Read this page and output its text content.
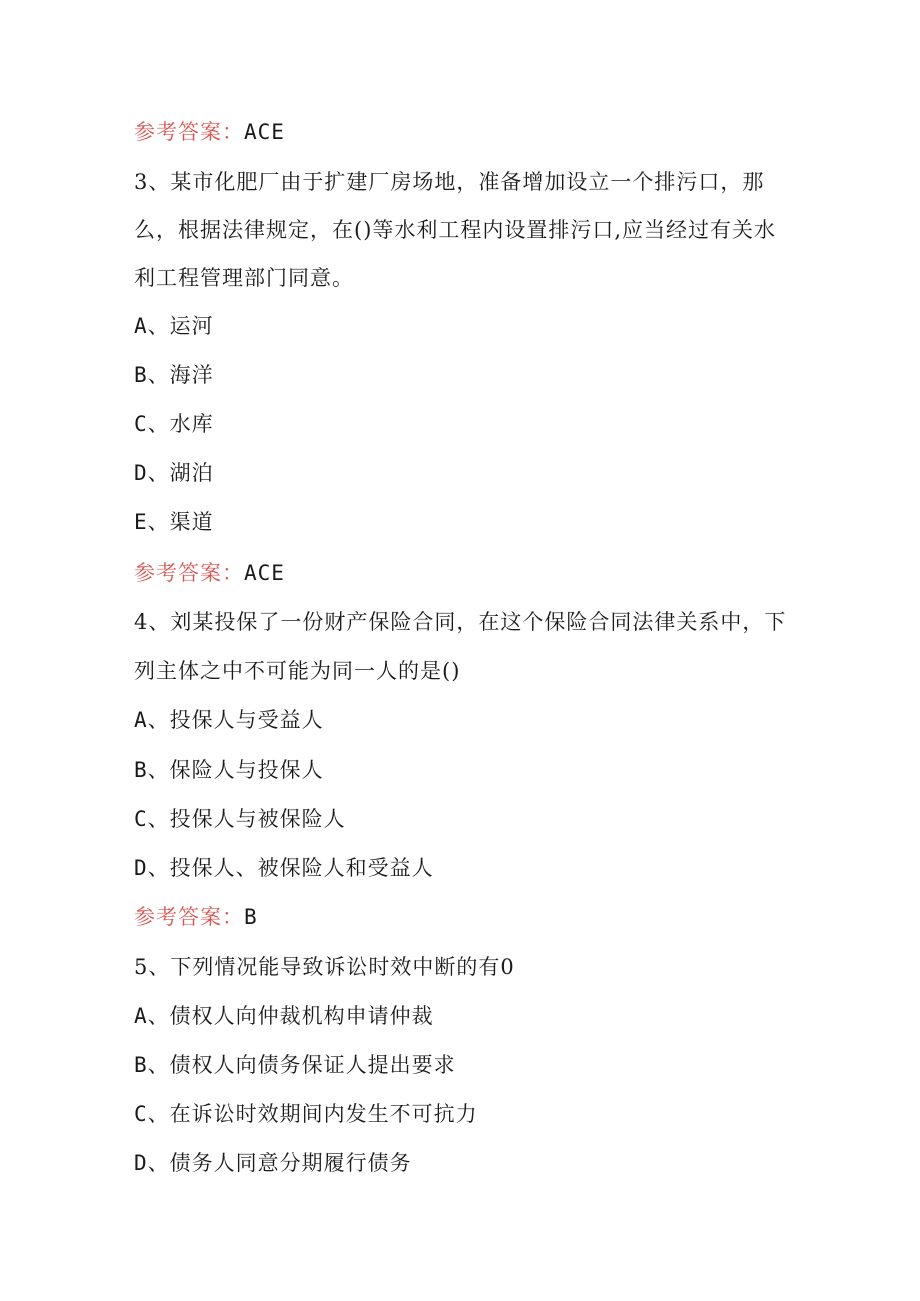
参考答案：ACE
3、某市化肥厂由于扩建厂房场地，准备增加设立一个排污口，那
么，根据法律规定，在()等水利工程内设置排污口,应当经过有关水
利工程管理部门同意。
A、运河
B、海洋
C、水库
D、湖泊
E、渠道
参考答案：ACE
4、刘某投保了一份财产保险合同，在这个保险合同法律关系中，下
列主体之中不可能为同一人的是()
A、投保人与受益人
B、保险人与投保人
C、投保人与被保险人
D、投保人、被保险人和受益人
参考答案：B
5、下列情况能导致诉讼时效中断的有0
A、债权人向仲裁机构申请仲裁
B、债权人向债务保证人提出要求
C、在诉讼时效期间内发生不可抗力
D、债务人同意分期履行债务
